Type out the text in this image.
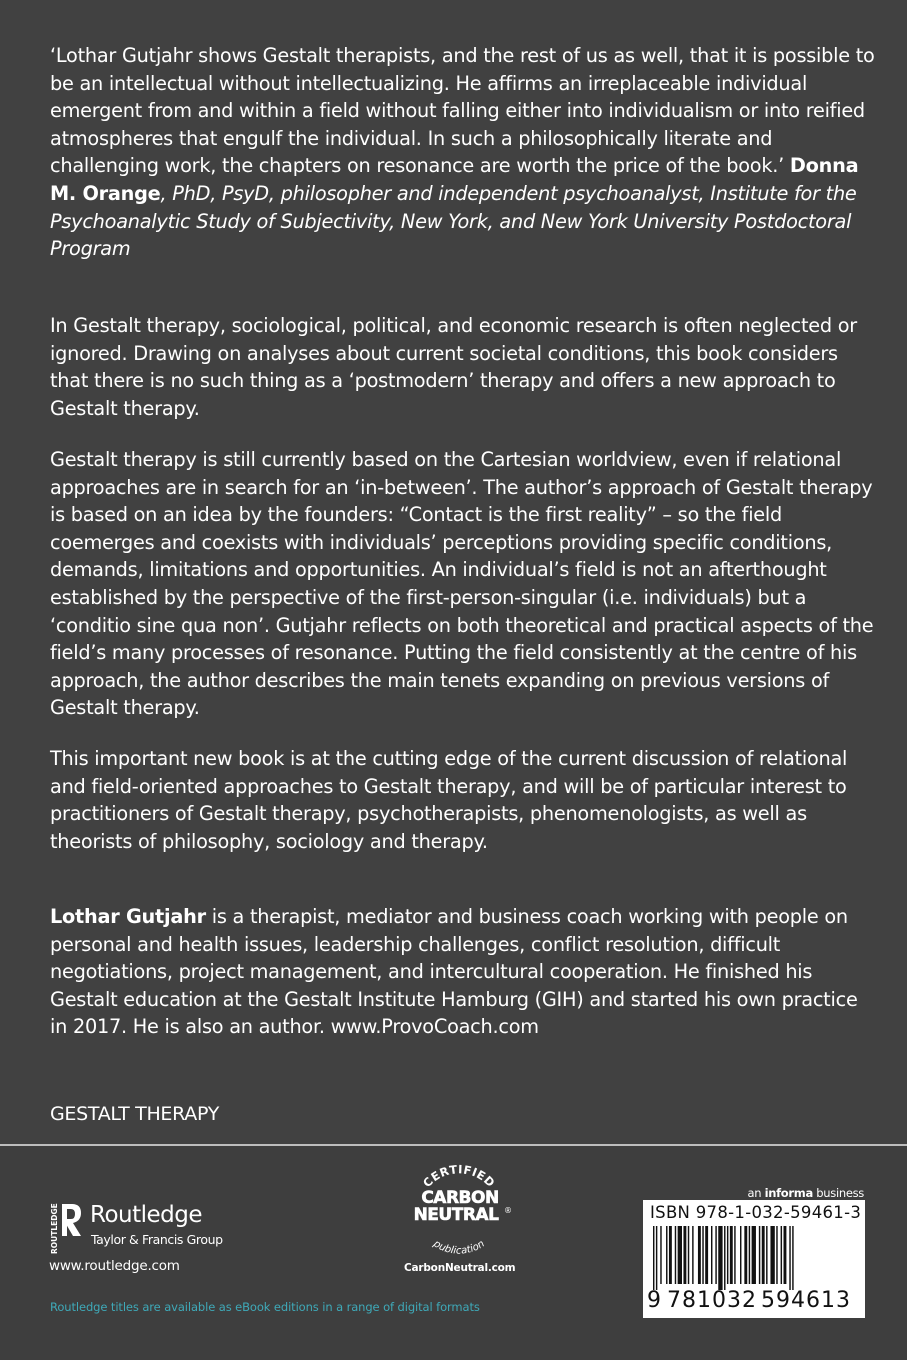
‘Lothar Gutjahr shows Gestalt therapists, and the rest of us as well, that it is possible to be an intellectual without intellectualizing. He affirms an irreplaceable individual emergent from and within a field without falling either into individualism or into reified atmospheres that engulf the individual. In such a philosophically literate and challenging work, the chapters on resonance are worth the price of the book.’ Donna M. Orange, PhD, PsyD, philosopher and independent psychoanalyst, Institute for the Psychoanalytic Study of Subjectivity, New York, and New York University Postdoctoral Program

In Gestalt therapy, sociological, political, and economic research is often neglected or ignored. Drawing on analyses about current societal conditions, this book considers that there is no such thing as a ‘postmodern’ therapy and offers a new approach to Gestalt therapy.
Gestalt therapy is still currently based on the Cartesian worldview, even if relational approaches are in search for an ‘in-between’. The author’s approach of Gestalt therapy is based on an idea by the founders: “Contact is the first reality” – so the field coemerges and coexists with individuals’ perceptions providing specific conditions, demands, limitations and opportunities. An individual’s field is not an afterthought established by the perspective of the first-person-singular (i.e. individuals) but a ‘conditio sine qua non’. Gutjahr reflects on both theoretical and practical aspects of the field’s many processes of resonance. Putting the field consistently at the centre of his approach, the author describes the main tenets expanding on previous versions of Gestalt therapy.
This important new book is at the cutting edge of the current discussion of relational and field-oriented approaches to Gestalt therapy, and will be of particular interest to practitioners of Gestalt therapy, psychotherapists, phenomenologists, as well as theorists of philosophy, sociology and therapy.
Lothar Gutjahr is a therapist, mediator and business coach working with people on personal and health issues, leadership challenges, conflict resolution, difficult negotiations, project management, and intercultural cooperation. He finished his Gestalt education at the Gestalt Institute Hamburg (GIH) and started his own practice in 2017. He is also an author. www.ProvoCoach.com
GESTALT THERAPY
ROUTLEDGE Routledge
Taylor & Francis Group
www.routledge.com
Routledge titles are available as eBook editions in a range of digital formats
CERTIFIED
CARBON
NEUTRAL ®
publication
CarbonNeutral.com
an informa business
ISBN 978-1-032-59461-3
9 781032 594613
